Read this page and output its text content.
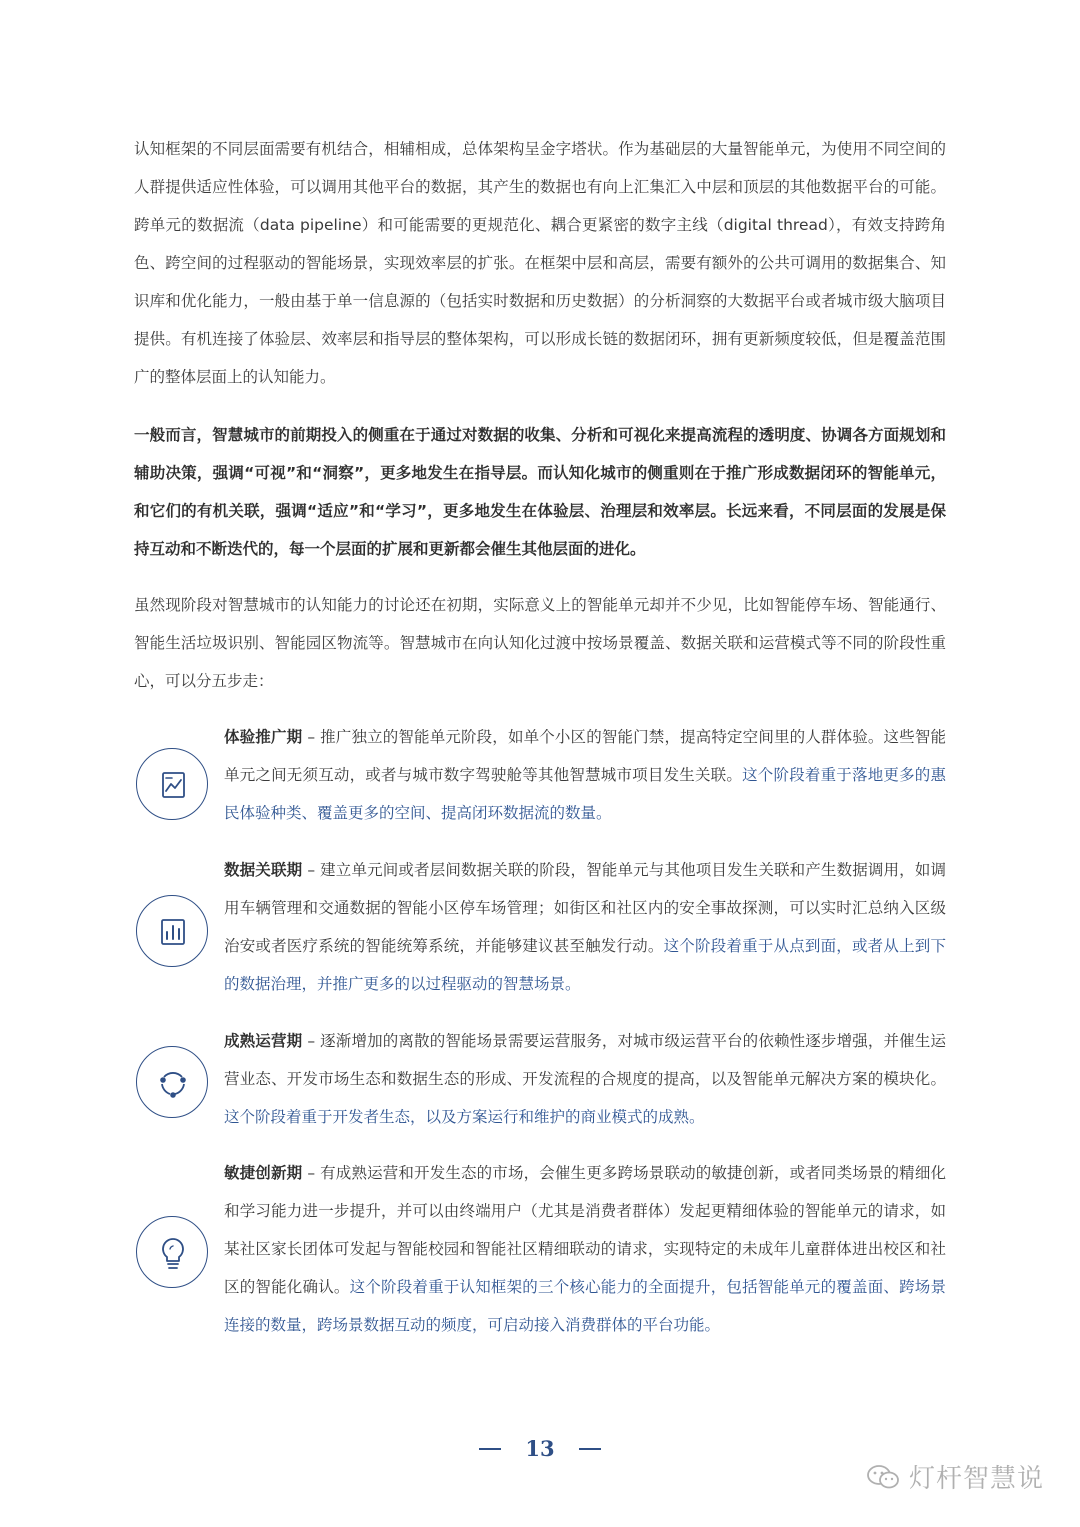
认知框架的不同层面需要有机结合，相辅相成，总体架构呈金字塔状。作为基础层的大量智能单元，为使用不同空间的人群提供适应性体验，可以调用其他平台的数据，其产生的数据也有向上汇集汇入中层和顶层的其他数据平台的可能。跨单元的数据流（data pipeline）和可能需要的更规范化、耦合更紧密的数字主线（digital thread），有效支持跨角色、跨空间的过程驱动的智能场景，实现效率层的扩张。在框架中层和高层，需要有额外的公共可调用的数据集合、知识库和优化能力，一般由基于单一信息源的（包括实时数据和历史数据）的分析洞察的大数据平台或者城市级大脑项目提供。有机连接了体验层、效率层和指导层的整体架构，可以形成长链的数据闭环，拥有更新频度较低，但是覆盖范围广的整体层面上的认知能力。

一般而言，智慧城市的前期投入的侧重在于通过对数据的收集、分析和可视化来提高流程的透明度、协调各方面规划和辅助决策，强调“可视”和“洞察”，更多地发生在指导层。而认知化城市的侧重则在于推广形成数据闭环的智能单元，和它们的有机关联，强调“适应”和“学习”，更多地发生在体验层、治理层和效率层。长远来看，不同层面的发展是保持互动和不断迭代的，每一个层面的扩展和更新都会催生其他层面的进化。

虽然现阶段对智慧城市的认知能力的讨论还在初期，实际意义上的智能单元却并不少见，比如智能停车场、智能通行、智能生活垃圾识别、智能园区物流等。智慧城市在向认知化过渡中按场景覆盖、数据关联和运营模式等不同的阶段性重心，可以分五步走：

体验推广期 – 推广独立的智能单元阶段，如单个小区的智能门禁，提高特定空间里的人群体验。这些智能单元之间无须互动，或者与城市数字驾驶舱等其他智慧城市项目发生关联。这个阶段着重于落地更多的惠民体验种类、覆盖更多的空间、提高闭环数据流的数量。

数据关联期 – 建立单元间或者层间数据关联的阶段，智能单元与其他项目发生关联和产生数据调用，如调用车辆管理和交通数据的智能小区停车场管理；如街区和社区内的安全事故探测，可以实时汇总纳入区级治安或者医疗系统的智能统筹系统，并能够建议甚至触发行动。这个阶段着重于从点到面，或者从上到下的数据治理，并推广更多的以过程驱动的智慧场景。

成熟运营期 – 逐渐增加的离散的智能场景需要运营服务，对城市级运营平台的依赖性逐步增强，并催生运营业态、开发市场生态和数据生态的形成、开发流程的合规度的提高，以及智能单元解决方案的模块化。这个阶段着重于开发者生态，以及方案运行和维护的商业模式的成熟。

敏捷创新期 – 有成熟运营和开发生态的市场，会催生更多跨场景联动的敏捷创新，或者同类场景的精细化和学习能力进一步提升，并可以由终端用户（尤其是消费者群体）发起更精细体验的智能单元的请求，如某社区家长团体可发起与智能校园和智能社区精细联动的请求，实现特定的未成年儿童群体进出校区和社区的智能化确认。这个阶段着重于认知框架的三个核心能力的全面提升，包括智能单元的覆盖面、跨场景连接的数量，跨场景数据互动的频度，可启动接入消费群体的平台功能。

13
灯杆智慧说
